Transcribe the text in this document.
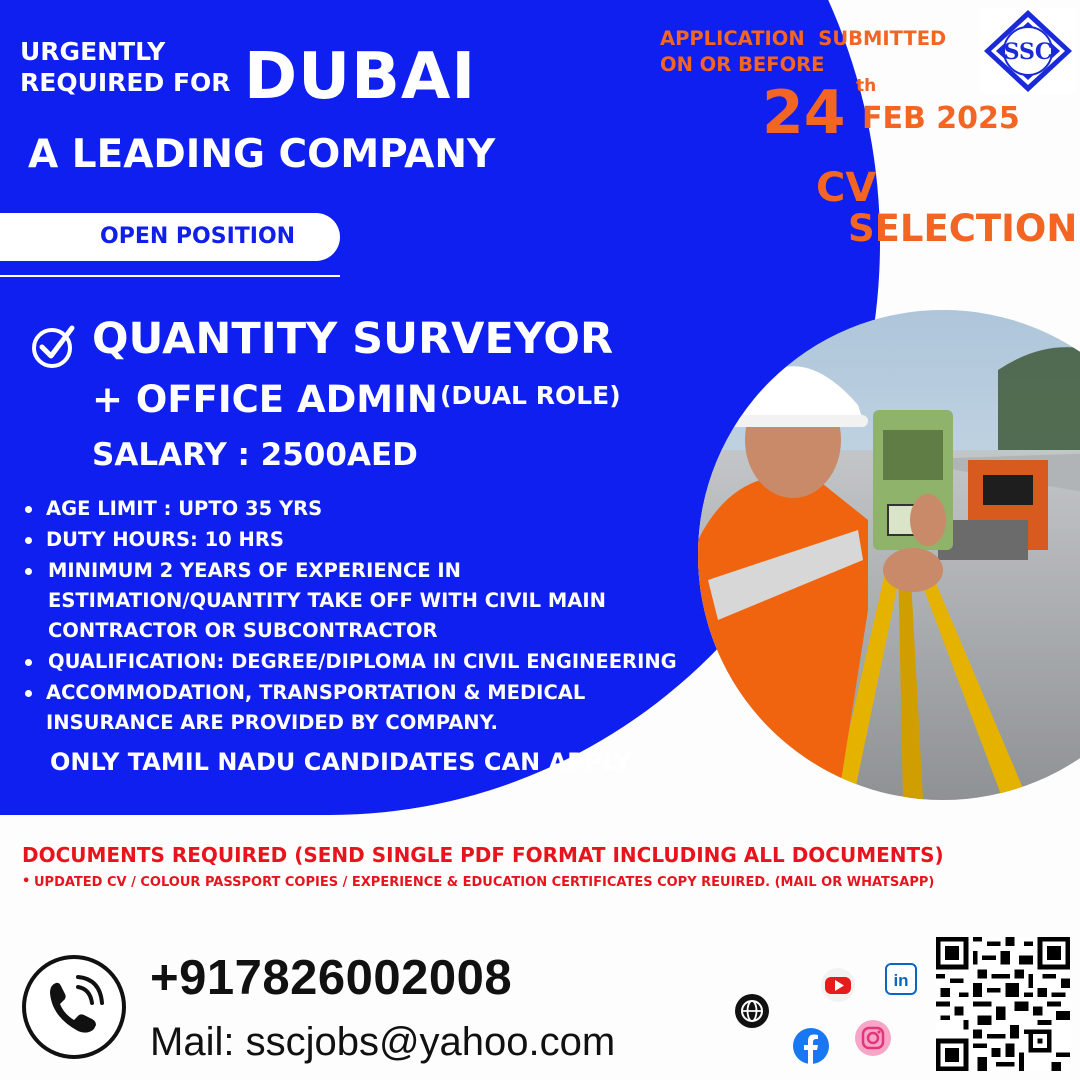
URGENTLY
REQUIRED FOR DUBAI
A LEADING COMPANY
OPEN POSITION
QUANTITY SURVEYOR
+ OFFICE ADMIN (DUAL ROLE)
SALARY : 2500AED
AGE LIMIT : UPTO 35 YRS
DUTY HOURS: 10 HRS
MINIMUM 2 YEARS OF EXPERIENCE IN
ESTIMATION/QUANTITY TAKE OFF WITH CIVIL MAIN
CONTRACTOR OR SUBCONTRACTOR
QUALIFICATION: DEGREE/DIPLOMA IN CIVIL ENGINEERING
ACCOMMODATION, TRANSPORTATION & MEDICAL
INSURANCE ARE PROVIDED BY COMPANY.
ONLY TAMIL NADU CANDIDATES CAN APPLY
APPLICATION  SUBMITTED
ON OR BEFORE
24 th
FEB 2025
CV
SELECTION
SSC
DOCUMENTS REQUIRED (SEND SINGLE PDF FORMAT INCLUDING ALL DOCUMENTS)
• UPDATED CV / COLOUR PASSPORT COPIES / EXPERIENCE & EDUCATION CERTIFICATES COPY REUIRED. (MAIL OR WHATSAPP)
+917826002008
Mail: sscjobs@yahoo.com
in
